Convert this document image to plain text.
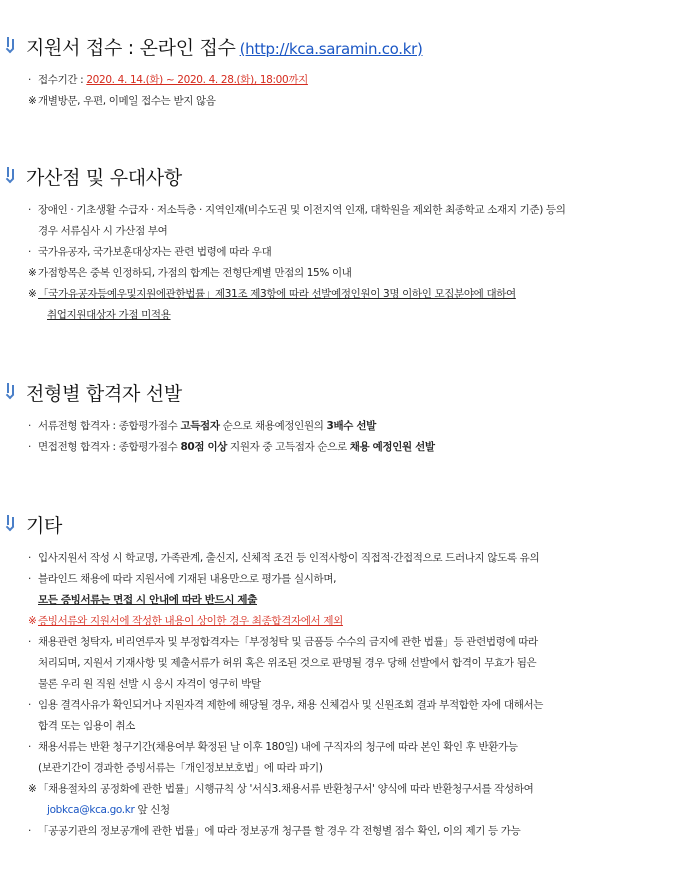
지원서 접수 : 온라인 접수 (http://kca.saramin.co.kr)
· 접수기간 : 2020. 4. 14.(화) ~ 2020. 4. 28.(화), 18:00까지
※ 개별방문, 우편, 이메일 접수는 받지 않음
가산점 및 우대사항
· 장애인 · 기초생활 수급자 · 저소득층 · 지역인재(비수도권 및 이전지역 인재, 대학원을 제외한 최종학교 소재지 기준) 등의
경우 서류심사 시 가산점 부여
· 국가유공자, 국가보훈대상자는 관련 법령에 따라 우대
※ 가점항목은 중복 인정하되, 가점의 합계는 전형단계별 만점의 15% 이내
※ 「국가유공자등예우및지원에관한법률」제31조 제3항에 따라 선발예정인원이 3명 이하인 모집분야에 대하여
취업지원대상자 가점 미적용
전형별 합격자 선발
· 서류전형 합격자 : 종합평가점수 고득점자 순으로 채용예정인원의 3배수 선발
· 면접전형 합격자 : 종합평가점수 80점 이상 지원자 중 고득점자 순으로 채용 예정인원 선발
기타
· 입사지원서 작성 시 학교명, 가족관계, 출신지, 신체적 조건 등 인적사항이 직접적·간접적으로 드러나지 않도록 유의
· 블라인드 채용에 따라 지원서에 기재된 내용만으로 평가를 실시하며,
모든 증빙서류는 면접 시 안내에 따라 반드시 제출
※ 증빙서류와 지원서에 작성한 내용이 상이한 경우 최종합격자에서 제외
· 채용관련 청탁자, 비리연루자 및 부정합격자는「부정청탁 및 금품등 수수의 금지에 관한 법률」등 관련법령에 따라
처리되며, 지원서 기재사항 및 제출서류가 허위 혹은 위조된 것으로 판명될 경우 당해 선발에서 합격이 무효가 됨은
물론 우리 원 직원 선발 시 응시 자격이 영구히 박탈
· 임용 결격사유가 확인되거나 지원자격 제한에 해당될 경우, 채용 신체검사 및 신원조회 결과 부적합한 자에 대해서는
합격 또는 임용이 취소
· 채용서류는 반환 청구기간(채용여부 확정된 날 이후 180일) 내에 구직자의 청구에 따라 본인 확인 후 반환가능
(보관기간이 경과한 증빙서류는「개인정보보호법」에 따라 파기)
※ 「채용절차의 공정화에 관한 법률」시행규칙 상 '서식3.채용서류 반환청구서' 양식에 따라 반환청구서를 작성하여
jobkca@kca.go.kr 앞 신청
· 「공공기관의 정보공개에 관한 법률」에 따라 정보공개 청구를 할 경우 각 전형별 점수 확인, 이의 제기 등 가능
